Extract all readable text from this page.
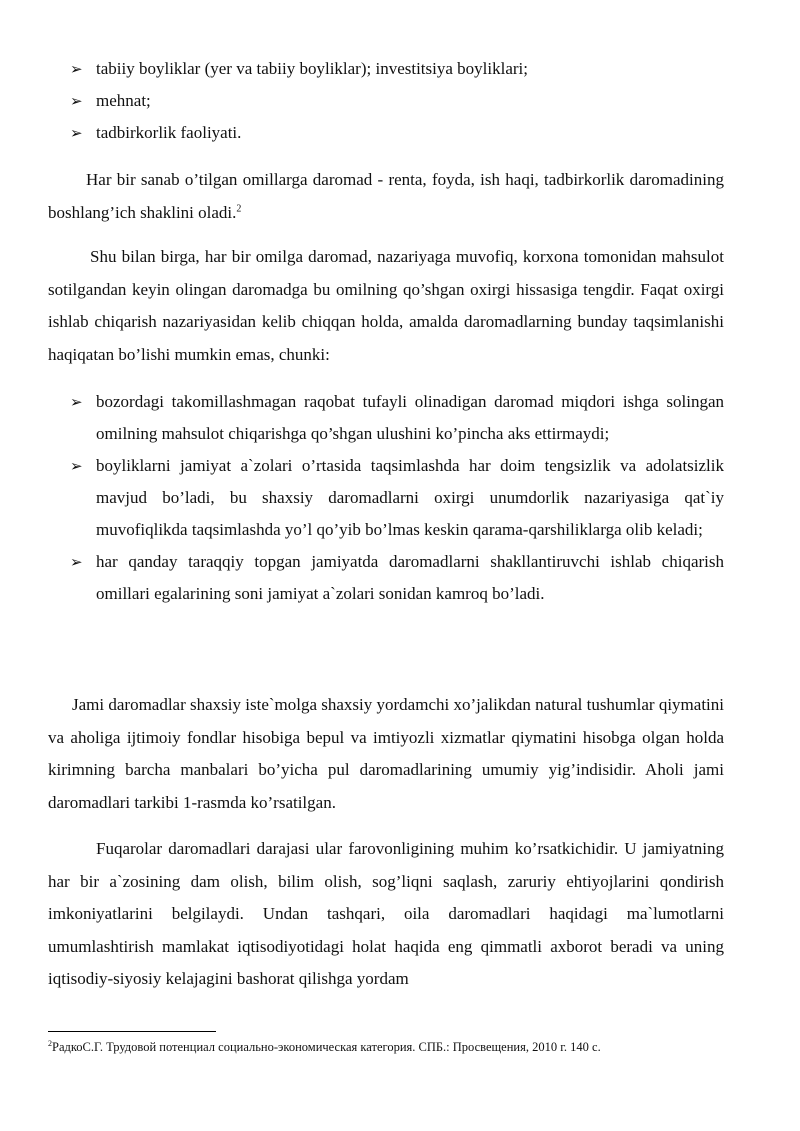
➢ tabiiy boyliklar (yer va tabiiy boyliklar); investitsiya boyliklari;
➢ mehnat;
➢ tadbirkorlik faoliyati.

Har bir sanab o’tilgan omillarga daromad - renta, foyda, ish haqi, tadbirkorlik daromadining boshlang’ich shaklini oladi.$^2$

Shu bilan birga, har bir omilga daromad, nazariyaga muvofiq, korxona tomonidan mahsulot sotilgandan keyin olingan daromadga bu omilning qo’shgan oxirgi hissasiga tengdir. Faqat oxirgi ishlab chiqarish nazariyasidan kelib chiqqan holda, amalda daromadlarning bunday taqsimlanishi haqiqatan bo’lishi mumkin emas, chunki:

➢ bozordagi takomillashmagan raqobat tufayli olinadigan daromad miqdori ishga solingan omilning mahsulot chiqarishga qo’shgan ulushini ko’pincha aks ettirmaydi;
➢ boyliklarni jamiyat a`zolari o’rtasida taqsimlashda har doim tengsizlik va adolatsizlik mavjud bo’ladi, bu shaxsiy daromadlarni oxirgi unumdorlik nazariyasiga qat`iy muvofiqlikda taqsimlashda yo’l qo’yib bo’lmas keskin qarama-qarshiliklarga olib keladi;
➢ har qanday taraqqiy topgan jamiyatda daromadlarni shakllantiruvchi ishlab chiqarish omillari egalarining soni jamiyat a`zolari sonidan kamroq bo’ladi.

Jami daromadlar shaxsiy iste`molga shaxsiy yordamchi xo’jalikdan natural tushumlar qiymatini va aholiga ijtimoiy fondlar hisobiga bepul va imtiyozli xizmatlar qiymatini hisobga olgan holda kirimning barcha manbalari bo’yicha pul daromadlarining umumiy yig’indisidir. Aholi jami daromadlari tarkibi 1-rasmda ko’rsatilgan.

Fuqarolar daromadlari darajasi ular farovonligining muhim ko’rsatkichidir. U jamiyatning har bir a`zosining dam olish, bilim olish, sog’liqni saqlash, zaruriy ehtiyojlarini qondirish imkoniyatlarini belgilaydi. Undan tashqari, oila daromadlari haqidagi ma`lumotlarni umumlashtirish mamlakat iqtisodiyotidagi holat haqida eng qimmatli axborot beradi va uning iqtisodiy-siyosiy kelajagini bashorat qilishga yordam

$^2$РадкоС.Г. Трудовой потенциал социально-экономическая категория. СПБ.: Просвещения, 2010 г. 140 с.
